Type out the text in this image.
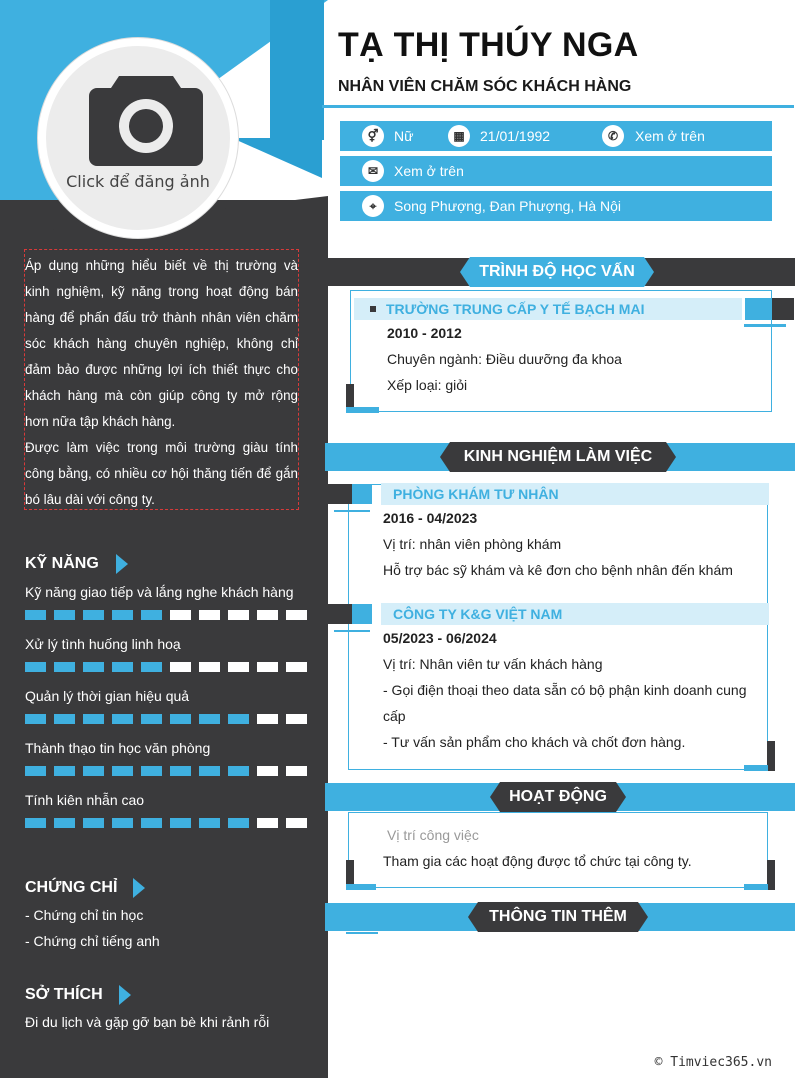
Click để đăng ảnh

Áp dụng những hiểu biết về thị trường và kinh nghiệm, kỹ năng trong hoạt động bán hàng để phấn đấu trở thành nhân viên chăm sóc khách hàng chuyên nghiệp, không chỉ đảm bảo được những lợi ích thiết thực cho khách hàng mà còn giúp công ty mở rộng hơn nữa tập khách hàng.

Được làm việc trong môi trường giàu tính công bằng, có nhiều cơ hội thăng tiến để gắn bó lâu dài với công ty.

KỸ NĂNG
Kỹ năng giao tiếp và lắng nghe khách hàng
Xử lý tình huống linh hoạ
Quản lý thời gian hiệu quả
Thành thạo tin học văn phòng
Tính kiên nhẫn cao
CHỨNG CHỈ
- Chứng chỉ tin học
- Chứng chỉ tiếng anh
SỞ THÍCH
Đi du lịch và gặp gỡ bạn bè khi rảnh rỗi
TẠ THỊ THÚY NGA
NHÂN VIÊN CHĂM SÓC KHÁCH HÀNG
⚥	Nữ	▦	21/01/1992	✆	Xem ở trên
✉	Xem ở trên
⌖	Song Phượng, Đan Phượng, Hà Nội
TRÌNH ĐỘ HỌC VẤN
TRƯỜNG TRUNG CẤP Y TẾ BẠCH MAI
2010 - 2012
Chuyên ngành: Điều duưỡng đa khoa
Xếp loại: giỏi
KINH NGHIỆM LÀM VIỆC
PHÒNG KHÁM TƯ NHÂN
2016 - 04/2023
Vị trí: nhân viên phòng khám
Hỗ trợ bác sỹ khám và kê đơn cho bệnh nhân đến khám
CÔNG TY K&G VIỆT NAM
05/2023 - 06/2024
Vị trí: Nhân viên tư vấn khách hàng
- Gọi điện thoại theo data sẵn có bộ phận kinh doanh cung cấp
- Tư vấn sản phẩm cho khách và chốt đơn hàng.
HOẠT ĐỘNG
Vị trí công việc
Tham gia các hoạt động được tổ chức tại công ty.
THÔNG TIN THÊM
© Timviec365.vn
